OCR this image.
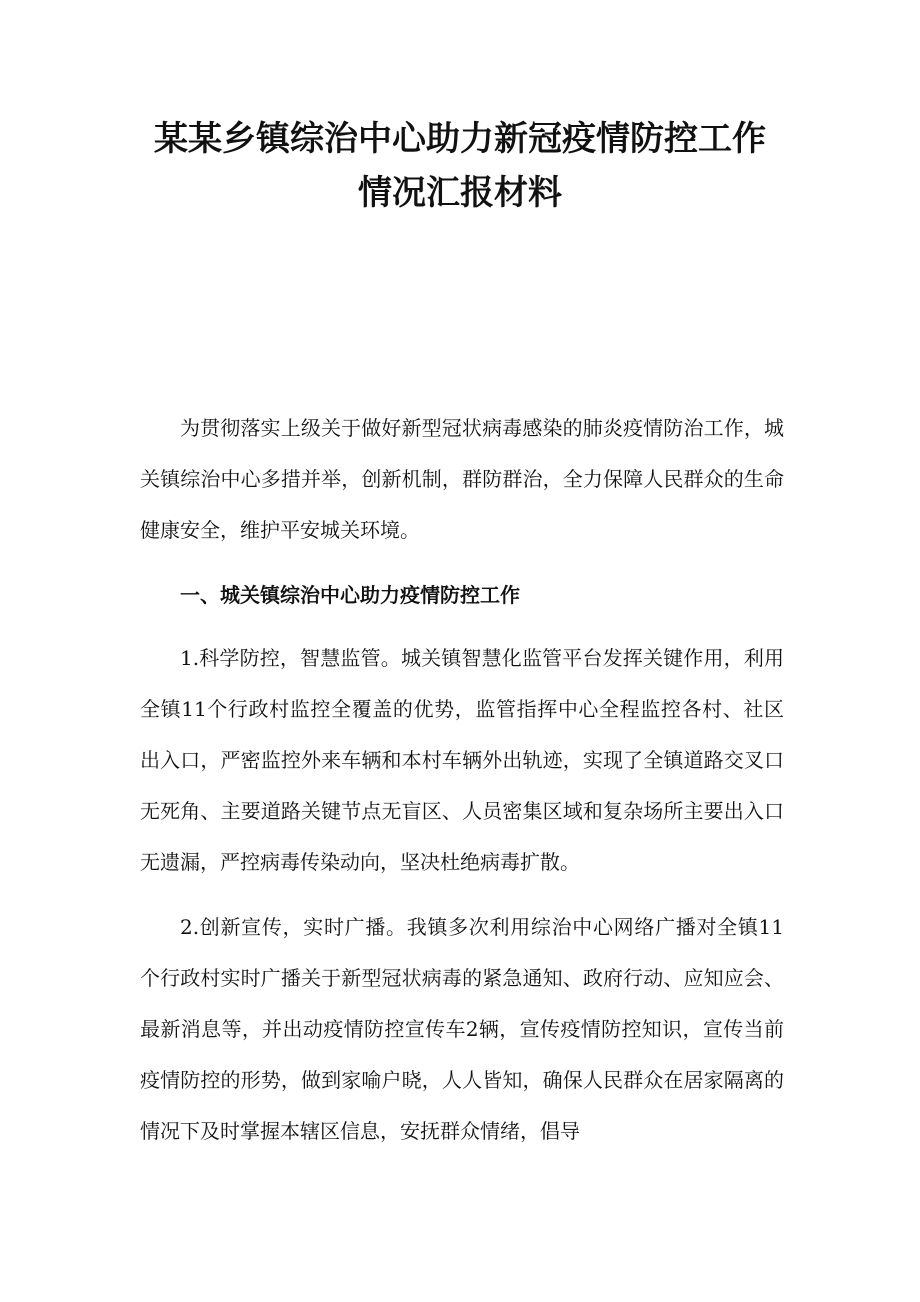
某某乡镇综治中心助力新冠疫情防控工作
情况汇报材料

为贯彻落实上级关于做好新型冠状病毒感染的肺炎疫情防治工作，城关镇综治中心多措并举，创新机制，群防群治，全力保障人民群众的生命健康安全，维护平安城关环境。

一、城关镇综治中心助力疫情防控工作

1.科学防控，智慧监管。城关镇智慧化监管平台发挥关键作用，利用全镇11个行政村监控全覆盖的优势，监管指挥中心全程监控各村、社区出入口，严密监控外来车辆和本村车辆外出轨迹，实现了全镇道路交叉口无死角、主要道路关键节点无盲区、人员密集区域和复杂场所主要出入口无遗漏，严控病毒传染动向，坚决杜绝病毒扩散。

2.创新宣传，实时广播。我镇多次利用综治中心网络广播对全镇11个行政村实时广播关于新型冠状病毒的紧急通知、政府行动、应知应会、最新消息等，并出动疫情防控宣传车2辆，宣传疫情防控知识，宣传当前疫情防控的形势，做到家喻户晓，人人皆知，确保人民群众在居家隔离的情况下及时掌握本辖区信息，安抚群众情绪，倡导
